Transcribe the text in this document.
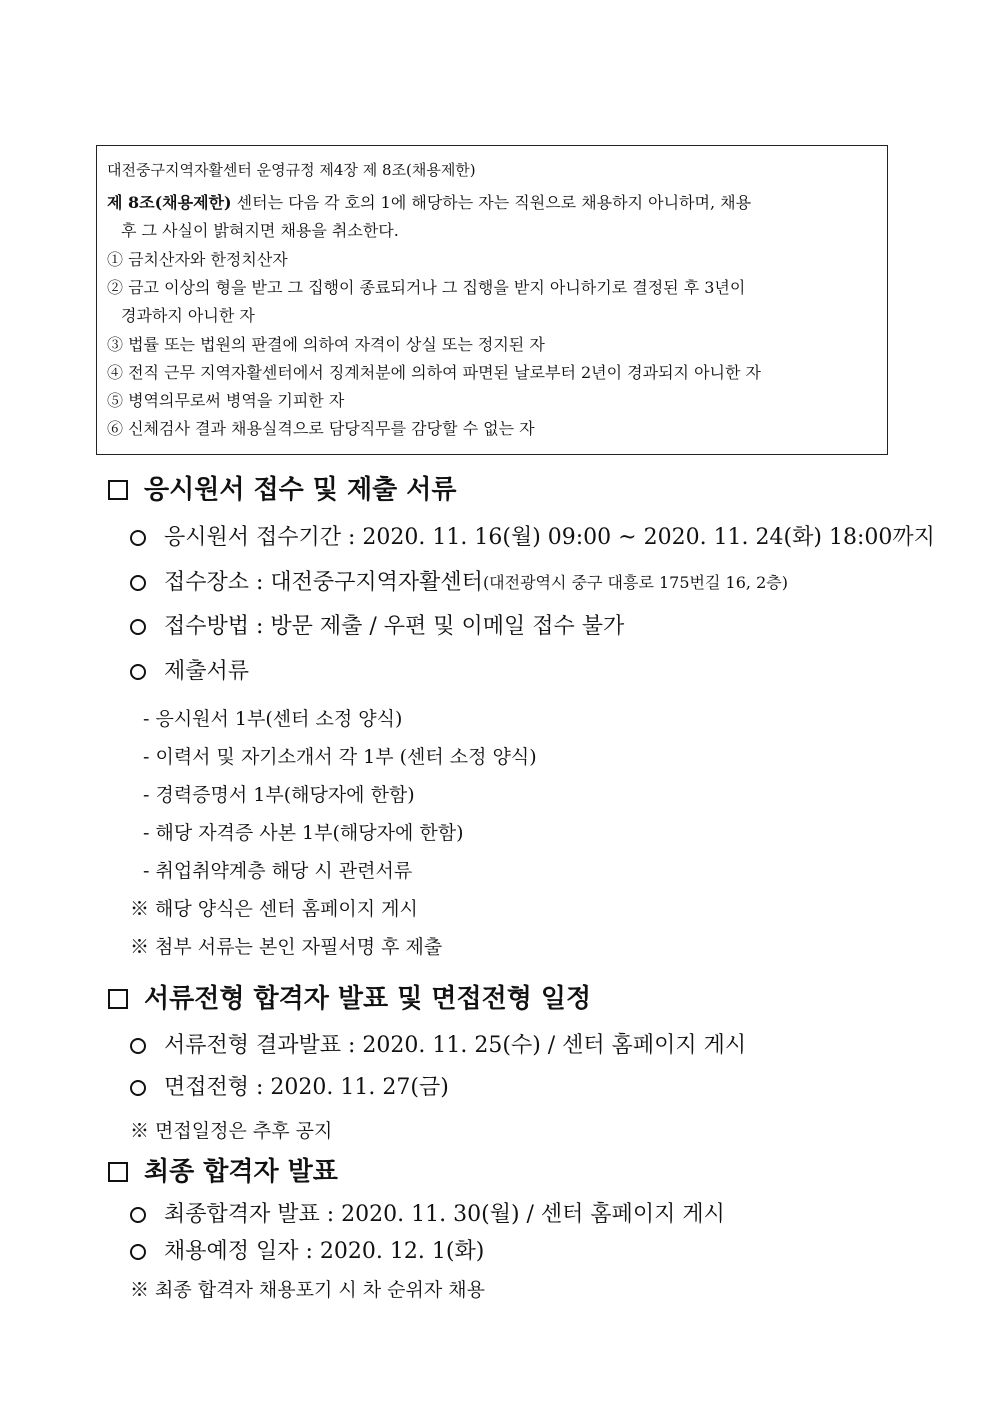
대전중구지역자활센터 운영규정 제4장 제 8조(채용제한)
제 8조(채용제한) 센터는 다음 각 호의 1에 해당하는 자는 직원으로 채용하지 아니하며, 채용
후 그 사실이 밝혀지면 채용을 취소한다.
① 금치산자와 한정치산자
② 금고 이상의 형을 받고 그 집행이 종료되거나 그 집행을 받지 아니하기로 결정된 후 3년이
경과하지 아니한 자
③ 법률 또는 법원의 판결에 의하여 자격이 상실 또는 정지된 자
④ 전직 근무 지역자활센터에서 징계처분에 의하여 파면된 날로부터 2년이 경과되지 아니한 자
⑤ 병역의무로써 병역을 기피한 자
⑥ 신체검사 결과 채용실격으로 담당직무를 감당할 수 없는 자
응시원서 접수 및 제출 서류
응시원서 접수기간 : 2020. 11. 16(월) 09:00 ~ 2020. 11. 24(화) 18:00까지
접수장소 : 대전중구지역자활센터 (대전광역시 중구 대흥로 175번길 16, 2층)
접수방법 : 방문 제출 / 우편 및 이메일 접수 불가
제출서류
- 응시원서 1부(센터 소정 양식)
- 이력서 및 자기소개서 각 1부 (센터 소정 양식)
- 경력증명서 1부(해당자에 한함)
- 해당 자격증 사본 1부(해당자에 한함)
- 취업취약계층 해당 시 관련서류
※ 해당 양식은 센터 홈페이지 게시
※ 첨부 서류는 본인 자필서명 후 제출
서류전형 합격자 발표 및 면접전형 일정
서류전형 결과발표 : 2020. 11. 25(수) / 센터 홈페이지 게시
면접전형 : 2020. 11. 27(금)
※ 면접일정은 추후 공지
최종 합격자 발표
최종합격자 발표 : 2020. 11. 30(월) / 센터 홈페이지 게시
채용예정 일자 : 2020. 12. 1(화)
※ 최종 합격자 채용포기 시 차 순위자 채용
